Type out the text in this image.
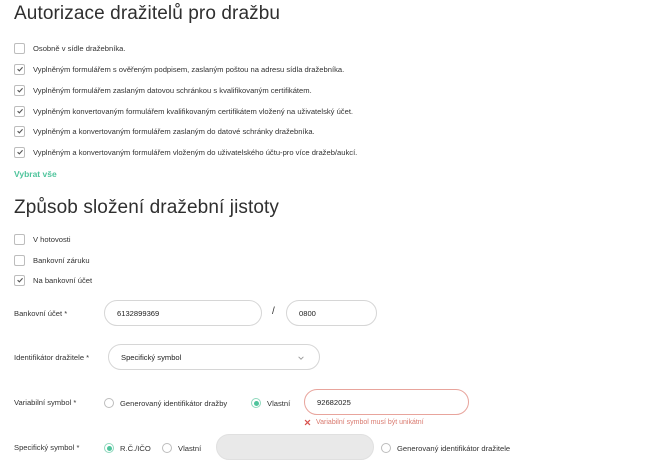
Autorizace dražitelů pro dražbu
Osobně v sídle dražebníka.
Vyplněným formulářem s ověřeným podpisem, zaslaným poštou na adresu sídla dražebníka.
Vyplněným formulářem zaslaným datovou schránkou s kvalifikovaným certifikátem.
Vyplněným konvertovaným formulářem kvalifikovaným certifikátem vložený na uživatelský účet.
Vyplněným a konvertovaným formulářem zaslaným do datové schránky dražebníka.
Vyplněným a konvertovaným formulářem vloženým do uživatelského účtu-pro více dražeb/aukcí.
Vybrat vše
Způsob složení dražební jistoty
V hotovosti
Bankovní záruku
Na bankovní účet
Bankovní účet *	6132899369	/	0800
Identifikátor dražitele *	Specifický symbol
Variabilní symbol *	Generovaný identifikátor dražby	Vlastní	92682025
Variabilní symbol musí být unikátní
Specifický symbol *	R.Č./IČO	Vlastní	Generovaný identifikátor dražitele
